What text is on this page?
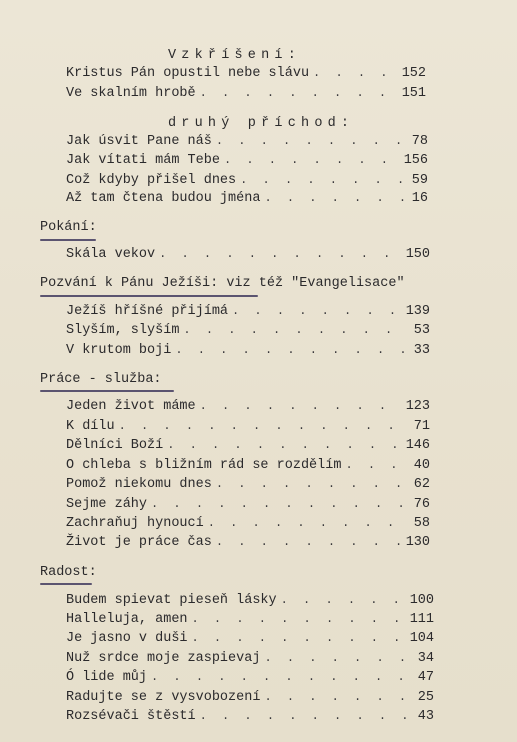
Vzkříšení:
Kristus Pán opustil nebe slávu . . .	152
Ve skalním hrobě . . .	151
druhý příchod:
Jak úsvit Pane náš . . .	78
Jak vítati mám Tebe . . .	156
Což kdyby přišel dnes . . .	59
Až tam čtena budou jména . . .	16
Pokání:
Skála vekov . . .	150
Pozvání k Pánu Ježíši: viz též "Evangelisace"
Ježíš hříšné přijímá . . .	139
Slyším, slyším . . .	53
V krutom boji . . .	33
Práce - služba:
Jeden život máme . . .	123
K dílu . . .	71
Dělníci Boží . . .	146
O chleba s bližním rád se rozdělím . . .	40
Pomož niekomu dnes . . .	62
Sejme záhy . . .	76
Zachraňuj hynoucí . . .	58
Život je práce čas . . .	130
Radost:
Budem spievat pieseň lásky . . .	100
Halleluja, amen . . .	111
Je jasno v duši . . .	104
Nuž srdce moje zaspievaj . . .	34
Ó lide můj . . .	47
Radujte se z vysvobození . . .	25
Rozsévači štěstí . . .	43
